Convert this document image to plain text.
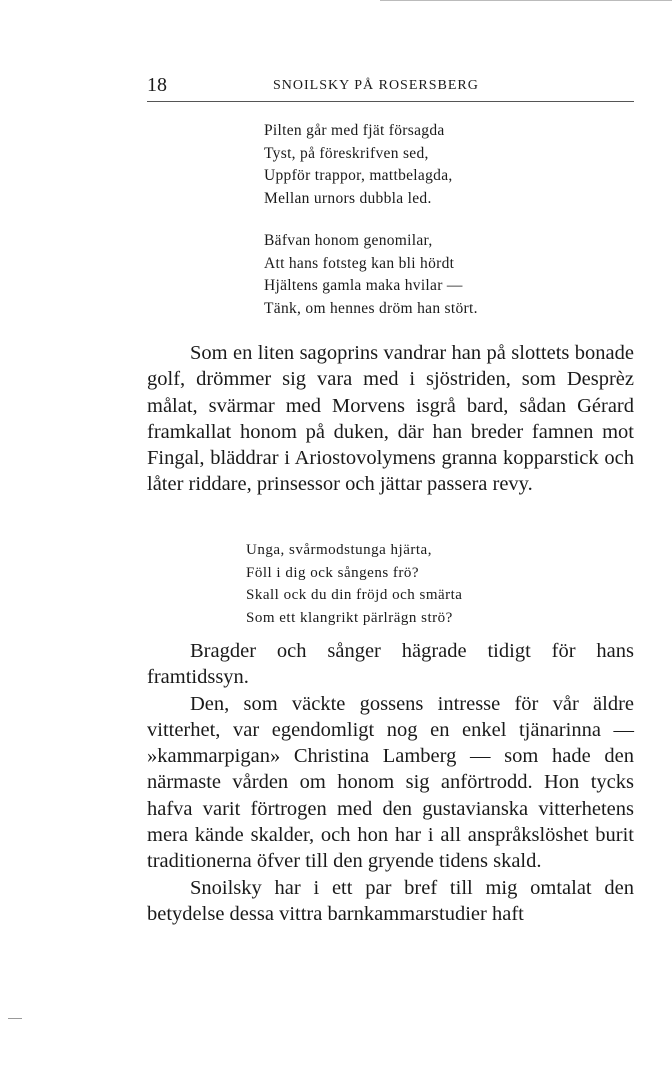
18	SNOILSKY PÅ ROSERSBERG
Pilten går med fjät försagda
Tyst, på föreskrifven sed,
Uppför trappor, mattbelagda,
Mellan urnors dubbla led.
Bäfvan honom genomilar,
Att hans fotsteg kan bli hördt
Hjältens gamla maka hvilar —
Tänk, om hennes dröm han stört.

Som en liten sagoprins vandrar han på slottets bonade golf, drömmer sig vara med i sjöstriden, som Desprèz målat, svärmar med Morvens isgrå bard, sådan Gérard framkallat honom på duken, där han breder famnen mot Fingal, bläddrar i Ariostovolymens granna kopparstick och låter riddare, prinsessor och jättar passera revy.

Unga, svårmodstunga hjärta,
Föll i dig ock sångens frö?
Skall ock du din fröjd och smärta
Som ett klangrikt pärlrägn strö?

Bragder och sånger hägrade tidigt för hans framtidssyn.

Den, som väckte gossens intresse för vår äldre vitterhet, var egendomligt nog en enkel tjänarinna — »kammarpigan» Christina Lamberg — som hade den närmaste vården om honom sig anförtrodd. Hon tycks hafva varit förtrogen med den gustavianska vitterhetens mera kände skalder, och hon har i all anspråkslöshet burit traditionerna öfver till den gryende tidens skald.

Snoilsky har i ett par bref till mig omtalat den betydelse dessa vittra barnkammarstudier haft
